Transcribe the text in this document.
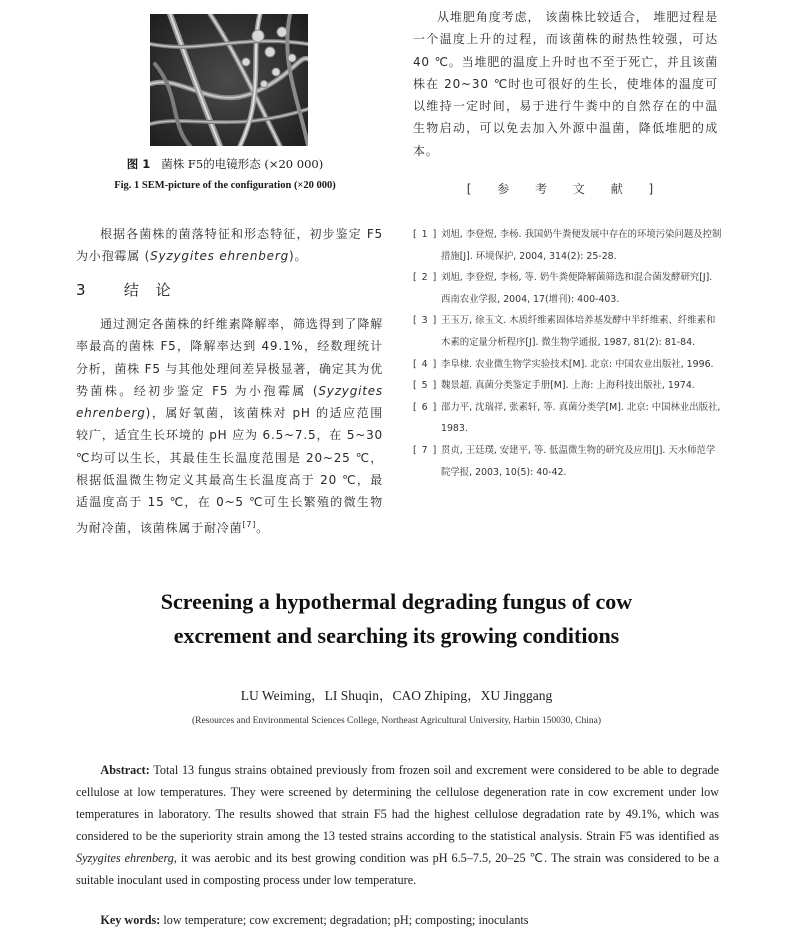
图 1 菌株 F5的电镜形态 (×20 000)
Fig. 1 SEM-picture of the configuration (×20 000)

从堆肥角度考虑， 该菌株比较适合， 堆肥过程是一个温度上升的过程，而该菌株的耐热性较强，可达 40 ℃。当堆肥的温度上升时也不至于死亡，并且该菌株在 20~30 ℃时也可很好的生长，使堆体的温度可以维持一定时间，易于进行牛粪中的自然存在的中温生物启动，可以免去加入外源中温菌，降低堆肥的成本。

根据各菌株的菌落特征和形态特征，初步鉴定 F5 为小孢霉属 (Syzygites ehrenberg)。

3 结 论

通过测定各菌株的纤维素降解率，筛选得到了降解率最高的菌株 F5，降解率达到 49.1%，经数理统计分析，菌株 F5 与其他处理间差异极显著，确定其为优势菌株。经初步鉴定 F5 为小孢霉属 (Syzygites ehrenberg)，属好氧菌，该菌株对 pH 的适应范围较广，适宜生长环境的 pH 应为 6.5~7.5，在 5~30 ℃均可以生长，其最佳生长温度范围是 20~25 ℃，根据低温微生物定义其最高生长温度高于 20 ℃，最适温度高于 15 ℃，在 0~5 ℃可生长繁殖的微生物为耐冷菌，该菌株属于耐冷菌[7]。

[ 参 考 文 献 ]
[ 1 ] 刘旭, 李登煜, 李杨. 我国奶牛粪便发展中存在的环境污染问题及控制措施[J]. 环境保护, 2004, 314(2): 25-28.
[ 2 ] 刘旭, 李登煜, 李杨, 等. 奶牛粪便降解菌筛选和混合菌发酵研究[J]. 西南农业学报, 2004, 17(增刊): 400-403.
[ 3 ] 王玉万, 徐玉文. 木质纤维素固体培养基发酵中半纤维素、纤维素和木素的定量分析程序[J]. 微生物学通报, 1987, 81(2): 81-84.
[ 4 ] 李阜棣. 农业微生物学实验技术[M]. 北京: 中国农业出版社, 1996.
[ 5 ] 魏景超. 真菌分类鉴定手册[M]. 上海: 上海科技出版社, 1974.
[ 6 ] 邵力平, 沈瑞祥, 张素轩, 等. 真菌分类学[M]. 北京: 中国林业出版社, 1983.
[ 7 ] 贯贞, 王廷璞, 安建平, 等. 低温微生物的研究及应用[J]. 天水师范学院学报, 2003, 10(5): 40-42.
Screening a hypothermal degrading fungus of cow
excrement and searching its growing conditions
LU Weiming，LI Shuqin，CAO Zhiping，XU Jinggang
(Resources and Environmental Sciences College, Northeast Agricultural University, Harbin 150030, China)
Abstract: Total 13 fungus strains obtained previously from frozen soil and excrement were considered to be able to degrade cellulose at low temperatures. They were screened by determining the cellulose degeneration rate in cow excrement under low temperatures in laboratory. The results showed that strain F5 had the highest cellulose degradation rate by 49.1%, which was considered to be the superiority strain among the 13 tested strains according to the statistical analysis. Strain F5 was identified as Syzygites ehrenberg, it was aerobic and its best growing condition was pH 6.5–7.5, 20–25 ℃. The strain was considered to be a suitable inoculant used in composting process under low temperature.
Key words: low temperature; cow excrement; degradation; pH; composting; inoculants
